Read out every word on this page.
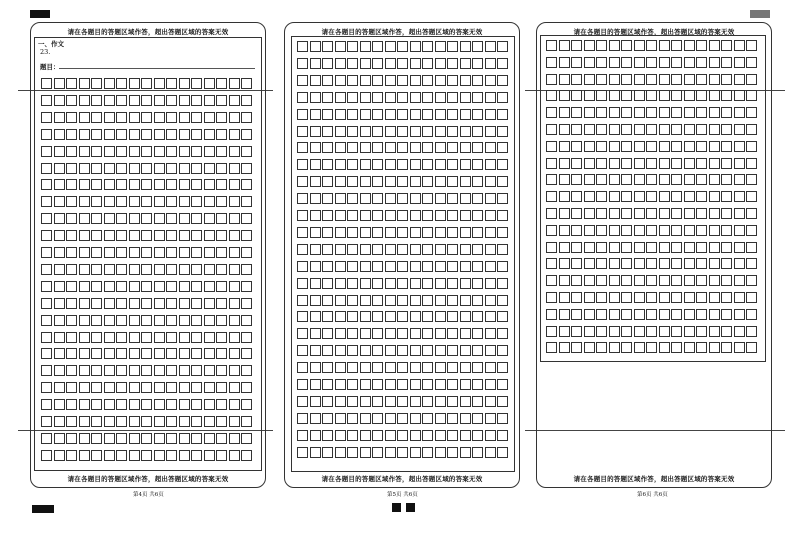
请在各题目的答题区域作答，超出答题区域的答案无效
一、作文
23.
题目：
请在各题目的答题区域作答，超出答题区域的答案无效
第4页 共6页
请在各题目的答题区域作答，超出答题区域的答案无效
请在各题目的答题区域作答，超出答题区域的答案无效
第5页 共6页
请在各题目的答题区域作答，超出答题区域的答案无效
请在各题目的答题区域作答，超出答题区域的答案无效
第6页 共6页
